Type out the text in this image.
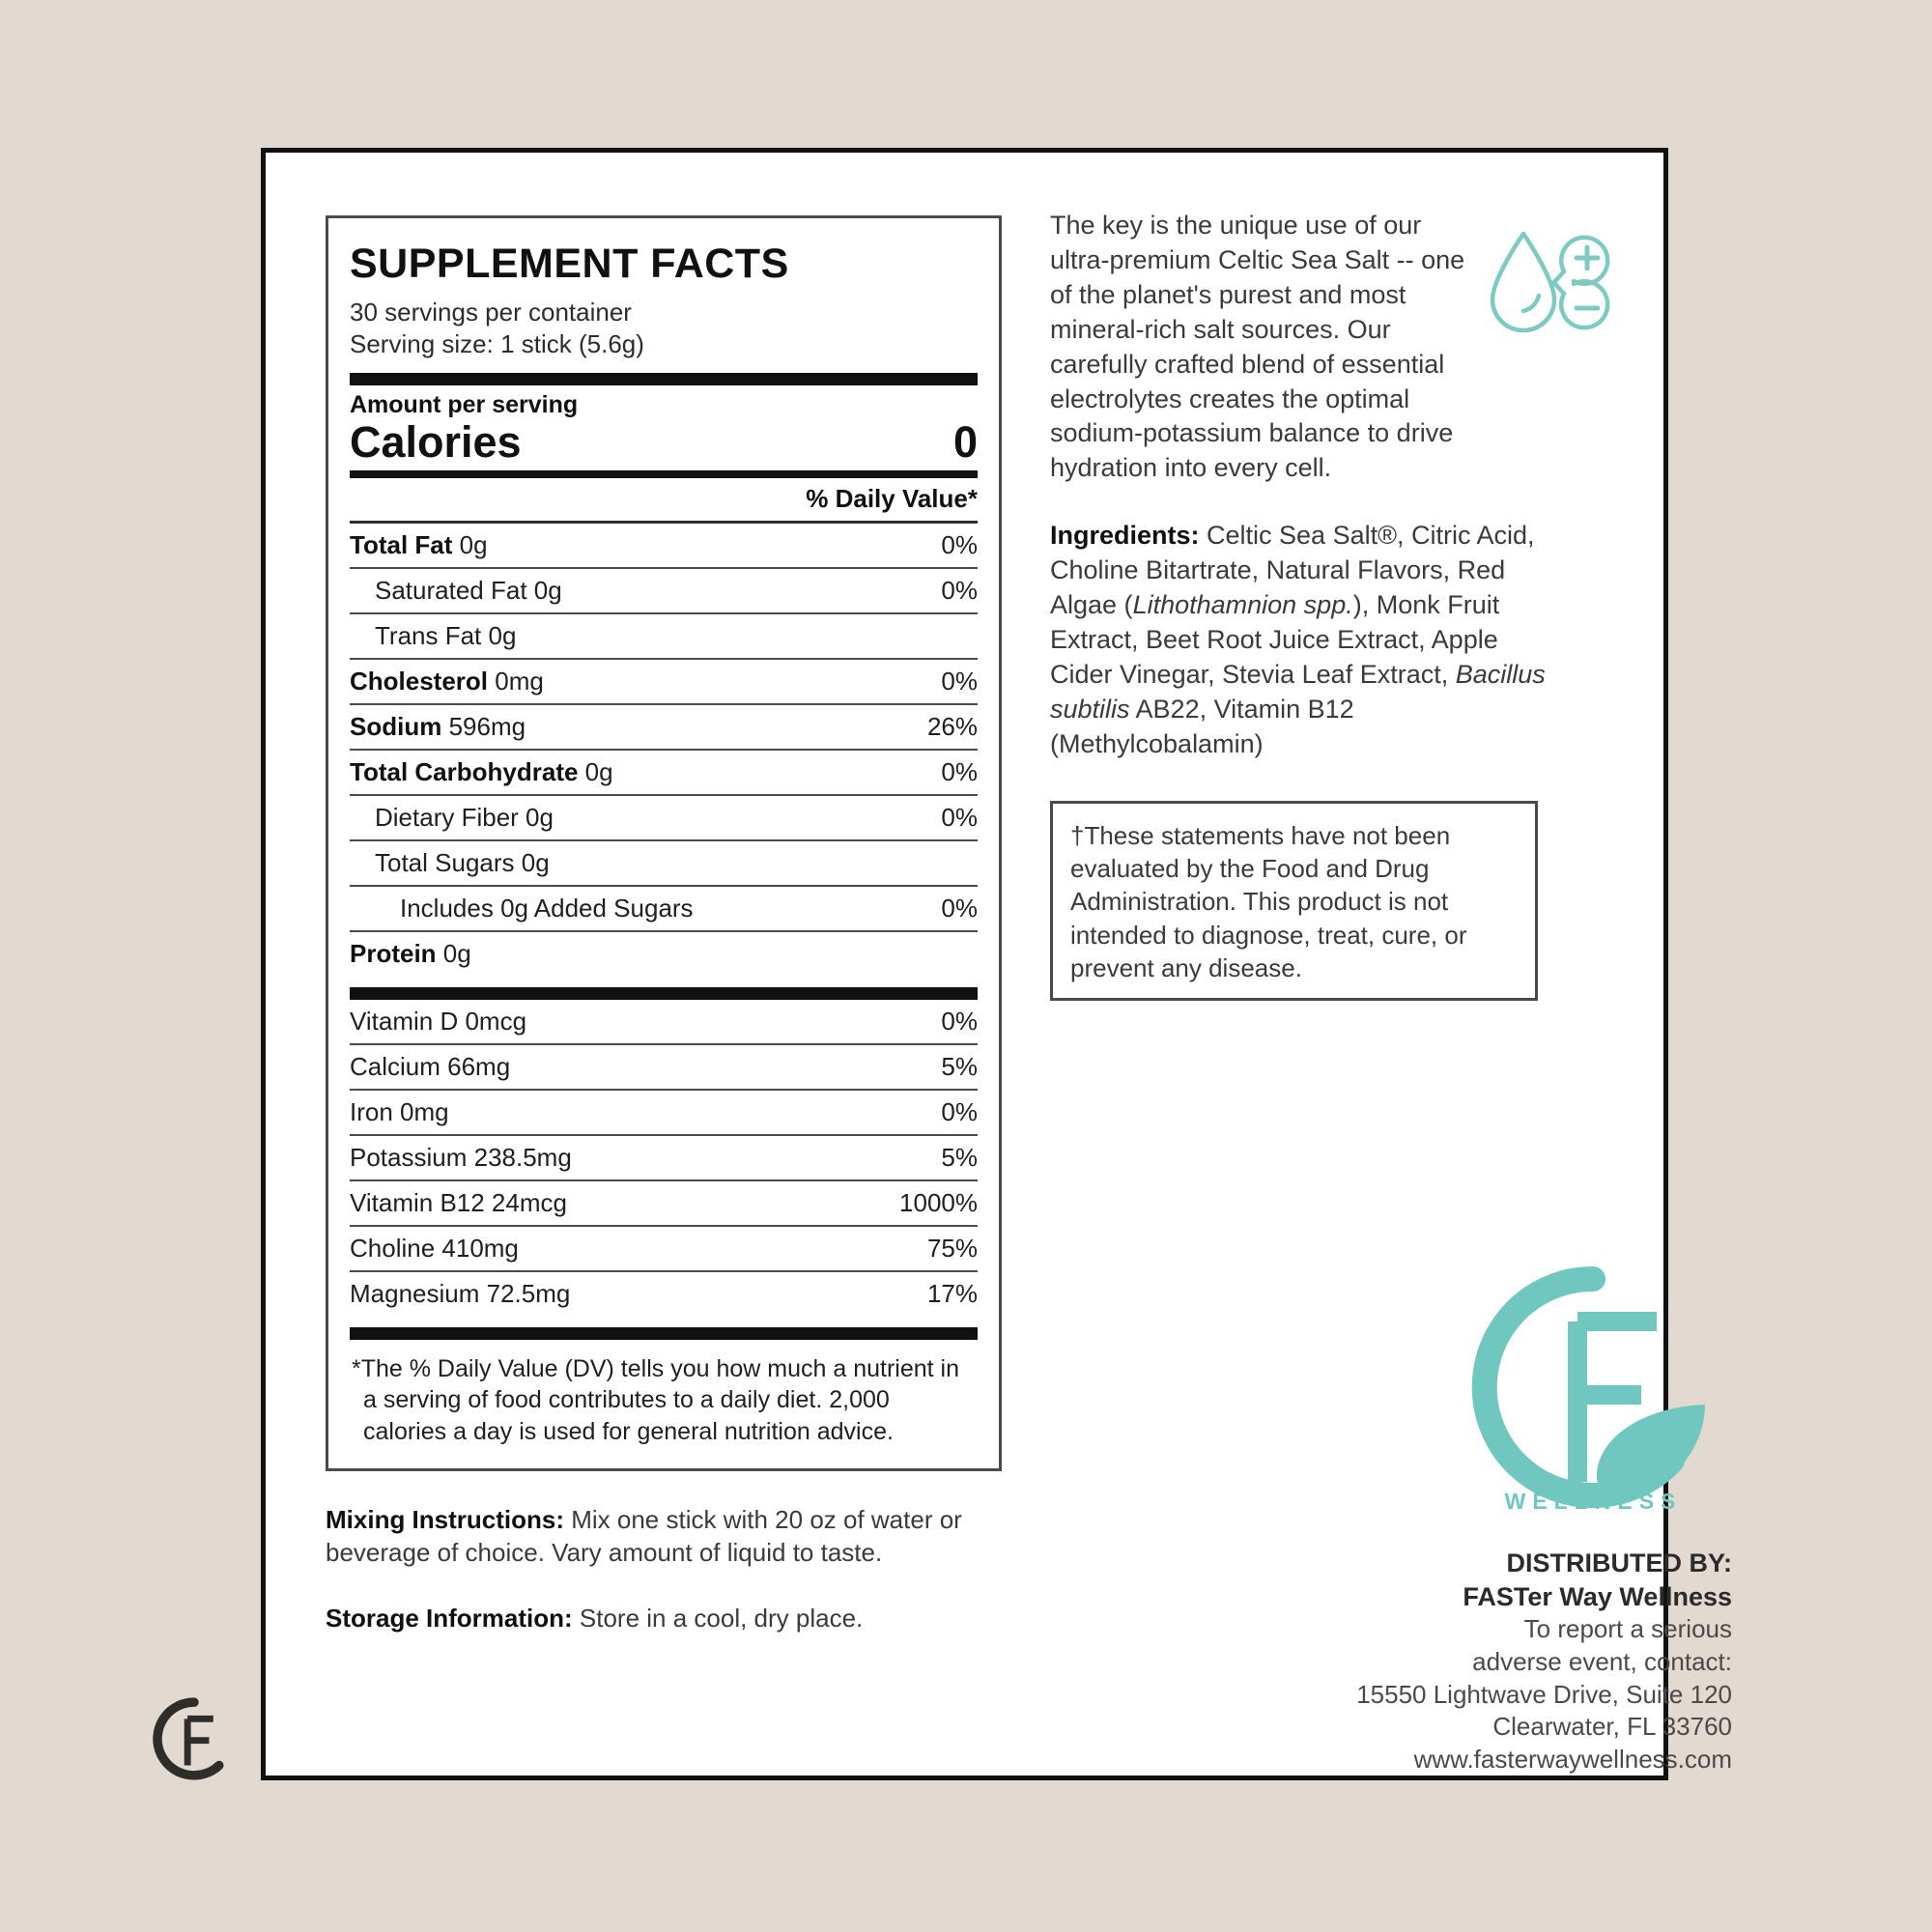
SUPPLEMENT FACTS
30 servings per container
Serving size: 1 stick (5.6g)
Amount per serving
Calories	0
% Daily Value*
Total Fat 0g	0%
Saturated Fat 0g	0%
Trans Fat 0g
Cholesterol 0mg	0%
Sodium 596mg	26%
Total Carbohydrate 0g	0%
Dietary Fiber 0g	0%
Total Sugars 0g
Includes 0g Added Sugars	0%
Protein 0g
Vitamin D 0mcg	0%
Calcium 66mg	5%
Iron 0mg	0%
Potassium 238.5mg	5%
Vitamin B12 24mcg	1000%
Choline 410mg	75%
Magnesium 72.5mg	17%
*The % Daily Value (DV) tells you how much a nutrient in a serving of food contributes to a daily diet. 2,000 calories a day is used for general nutrition advice.
Mixing Instructions: Mix one stick with 20 oz of water or beverage of choice. Vary amount of liquid to taste.
Storage Information: Store in a cool, dry place.
The key is the unique use of our ultra-premium Celtic Sea Salt -- one of the planet's purest and most mineral-rich salt sources. Our carefully crafted blend of essential electrolytes creates the optimal sodium-potassium balance to drive hydration into every cell.
Ingredients: Celtic Sea Salt®, Citric Acid, Choline Bitartrate, Natural Flavors, Red Algae (Lithothamnion spp.), Monk Fruit Extract, Beet Root Juice Extract, Apple Cider Vinegar, Stevia Leaf Extract, Bacillus subtilis AB22, Vitamin B12 (Methylcobalamin)
†These statements have not been evaluated by the Food and Drug Administration. This product is not intended to diagnose, treat, cure, or prevent any disease.
WELLNESS
DISTRIBUTED BY:
FASTer Way Wellness
To report a serious
adverse event, contact:
15550 Lightwave Drive, Suite 120
Clearwater, FL 33760
www.fasterwaywellness.com
